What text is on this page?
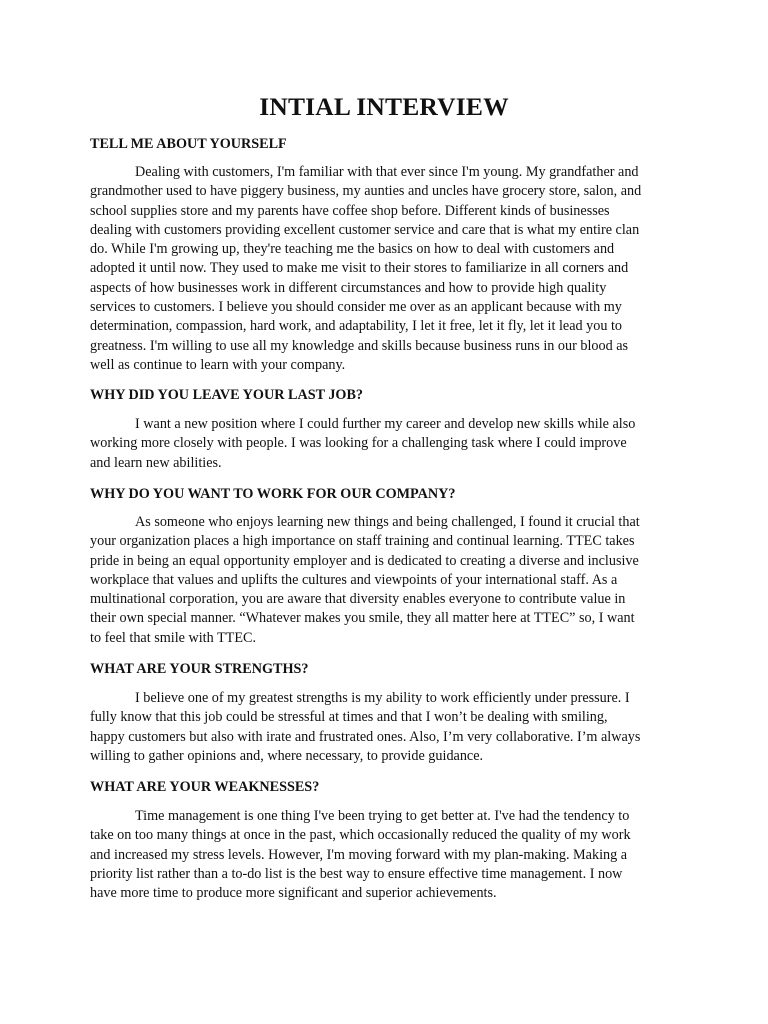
INTIAL INTERVIEW
TELL ME ABOUT YOURSELF
Dealing with customers, I'm familiar with that ever since I'm young. My grandfather and
grandmother used to have piggery business, my aunties and uncles have grocery store, salon, and
school supplies store and my parents have coffee shop before. Different kinds of businesses
dealing with customers providing excellent customer service and care that is what my entire clan
do. While I'm growing up, they're teaching me the basics on how to deal with customers and
adopted it until now. They used to make me visit to their stores to familiarize in all corners and
aspects of how businesses work in different circumstances and how to provide high quality
services to customers. I believe you should consider me over as an applicant because with my
determination, compassion, hard work, and adaptability, I let it free, let it fly, let it lead you to
greatness. I'm willing to use all my knowledge and skills because business runs in our blood as
well as continue to learn with your company.
WHY DID YOU LEAVE YOUR LAST JOB?
I want a new position where I could further my career and develop new skills while also
working more closely with people. I was looking for a challenging task where I could improve
and learn new abilities.
WHY DO YOU WANT TO WORK FOR OUR COMPANY?
As someone who enjoys learning new things and being challenged, I found it crucial that
your organization places a high importance on staff training and continual learning. TTEC takes
pride in being an equal opportunity employer and is dedicated to creating a diverse and inclusive
workplace that values and uplifts the cultures and viewpoints of your international staff. As a
multinational corporation, you are aware that diversity enables everyone to contribute value in
their own special manner. “Whatever makes you smile, they all matter here at TTEC” so, I want
to feel that smile with TTEC.
WHAT ARE YOUR STRENGTHS?
I believe one of my greatest strengths is my ability to work efficiently under pressure. I
fully know that this job could be stressful at times and that I won’t be dealing with smiling,
happy customers but also with irate and frustrated ones. Also, I’m very collaborative. I’m always
willing to gather opinions and, where necessary, to provide guidance.
WHAT ARE YOUR WEAKNESSES?
Time management is one thing I've been trying to get better at. I've had the tendency to
take on too many things at once in the past, which occasionally reduced the quality of my work
and increased my stress levels. However, I'm moving forward with my plan-making. Making a
priority list rather than a to-do list is the best way to ensure effective time management. I now
have more time to produce more significant and superior achievements.
